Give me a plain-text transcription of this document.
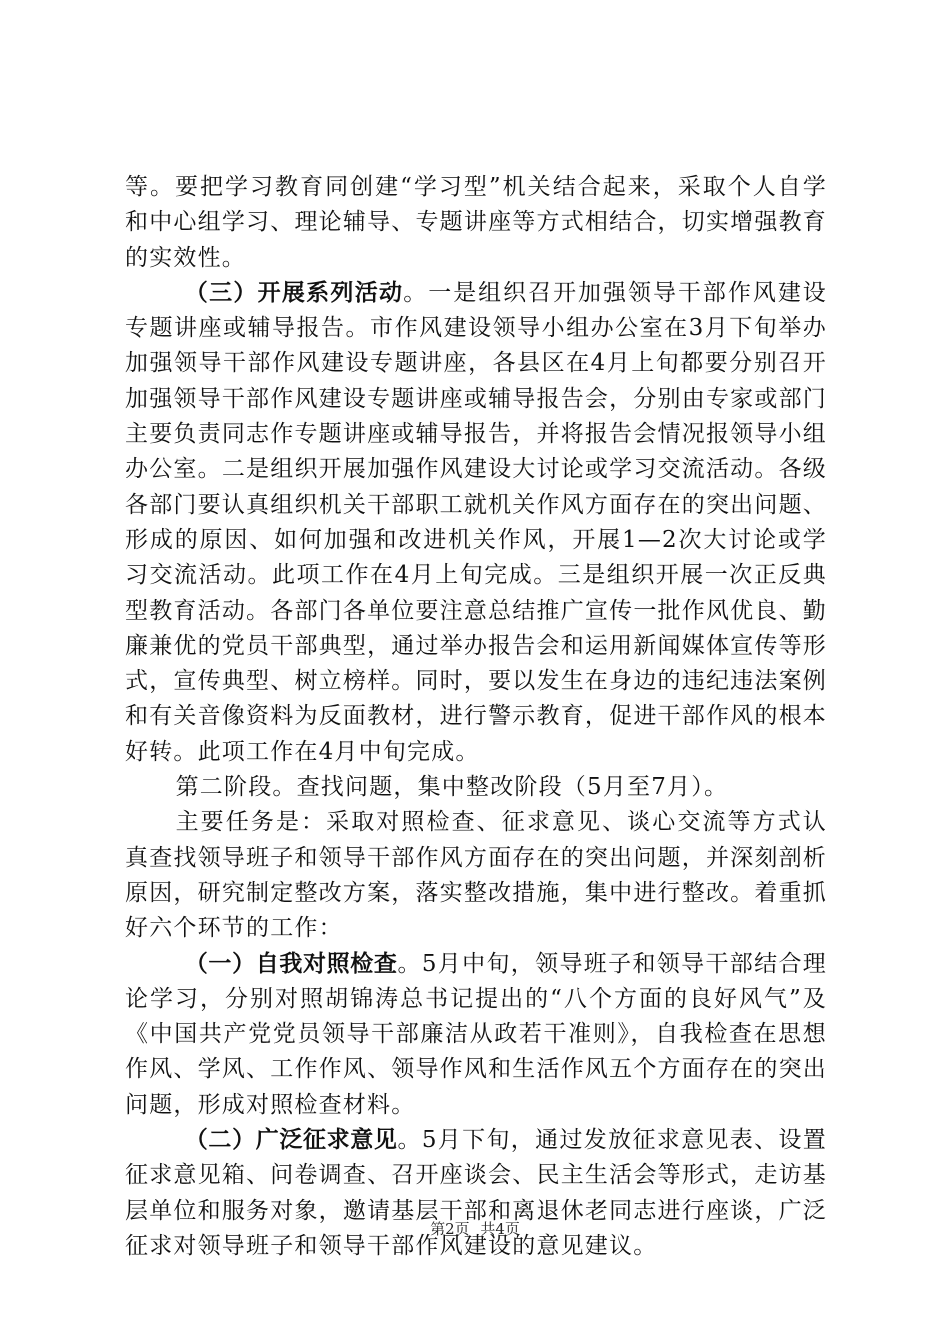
等。要把学习教育同创建“学习型”机关结合起来，采取个人自学和中心组学习、理论辅导、专题讲座等方式相结合，切实增强教育的实效性。

（三）开展系列活动。一是组织召开加强领导干部作风建设专题讲座或辅导报告。市作风建设领导小组办公室在3月下旬举办加强领导干部作风建设专题讲座，各县区在4月上旬都要分别召开加强领导干部作风建设专题讲座或辅导报告会，分别由专家或部门主要负责同志作专题讲座或辅导报告，并将报告会情况报领导小组办公室。二是组织开展加强作风建设大讨论或学习交流活动。各级各部门要认真组织机关干部职工就机关作风方面存在的突出问题、形成的原因、如何加强和改进机关作风，开展1—2次大讨论或学习交流活动。此项工作在4月上旬完成。三是组织开展一次正反典型教育活动。各部门各单位要注意总结推广宣传一批作风优良、勤廉兼优的党员干部典型，通过举办报告会和运用新闻媒体宣传等形式，宣传典型、树立榜样。同时，要以发生在身边的违纪违法案例和有关音像资料为反面教材，进行警示教育，促进干部作风的根本好转。此项工作在4月中旬完成。

第二阶段。查找问题，集中整改阶段（5月至7月）。

主要任务是：采取对照检查、征求意见、谈心交流等方式认真查找领导班子和领导干部作风方面存在的突出问题，并深刻剖析原因，研究制定整改方案，落实整改措施，集中进行整改。着重抓好六个环节的工作：

（一）自我对照检查。5月中旬，领导班子和领导干部结合理论学习，分别对照胡锦涛总书记提出的“八个方面的良好风气”及《中国共产党党员领导干部廉洁从政若干准则》，自我检查在思想作风、学风、工作作风、领导作风和生活作风五个方面存在的突出问题，形成对照检查材料。

（二）广泛征求意见。5月下旬，通过发放征求意见表、设置征求意见箱、问卷调查、召开座谈会、民主生活会等形式，走访基层单位和服务对象，邀请基层干部和离退休老同志进行座谈，广泛征求对领导班子和领导干部作风建设的意见建议。

第2页 共4页
